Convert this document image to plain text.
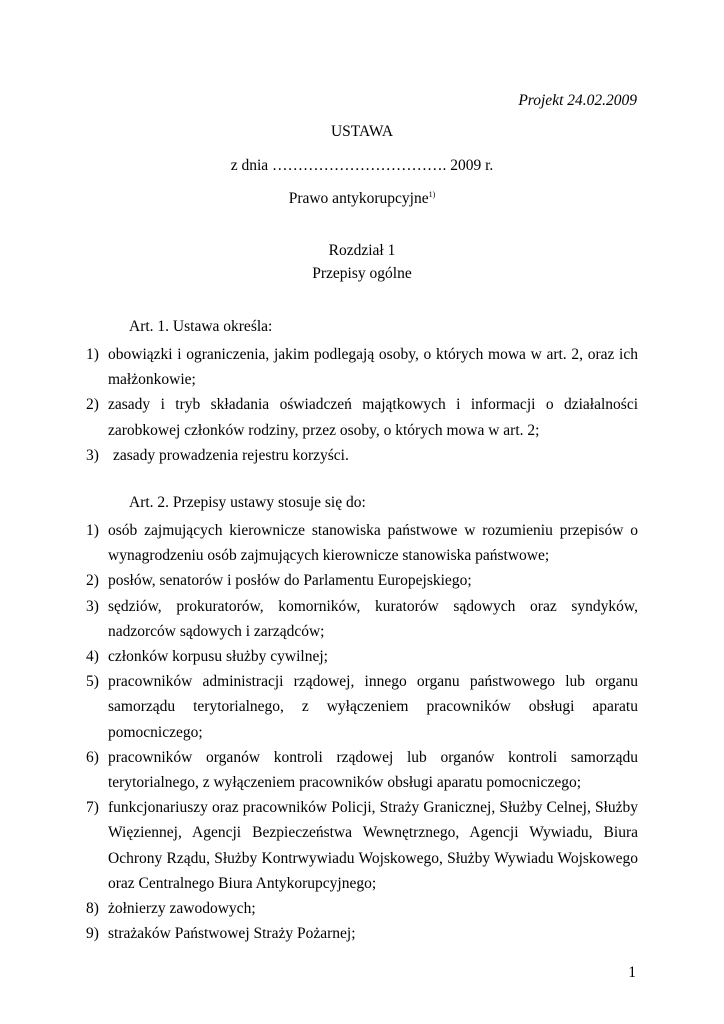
Projekt 24.02.2009
USTAWA
z dnia ……………………………. 2009 r.
Prawo antykorupcyjne$^{1)}$
Rozdział 1
Przepisy ogólne
Art. 1. Ustawa określa:
1) obowiązki i ograniczenia, jakim podlegają osoby, o których mowa w art. 2, oraz ich małżonkowie;
2) zasady i tryb składania oświadczeń majątkowych i informacji o działalności zarobkowej członków rodziny, przez osoby, o których mowa w art. 2;
3) zasady prowadzenia rejestru korzyści.
Art. 2. Przepisy ustawy stosuje się do:
1) osób zajmujących kierownicze stanowiska państwowe w rozumieniu przepisów o wynagrodzeniu osób zajmujących kierownicze stanowiska państwowe;
2) posłów, senatorów i posłów do Parlamentu Europejskiego;
3) sędziów, prokuratorów, komorników, kuratorów sądowych oraz syndyków, nadzorców sądowych i zarządców;
4) członków korpusu służby cywilnej;
5) pracowników administracji rządowej, innego organu państwowego lub organu samorządu terytorialnego, z wyłączeniem pracowników obsługi aparatu pomocniczego;
6) pracowników organów kontroli rządowej lub organów kontroli samorządu terytorialnego, z wyłączeniem pracowników obsługi aparatu pomocniczego;
7) funkcjonariuszy oraz pracowników Policji, Straży Granicznej, Służby Celnej, Służby Więziennej, Agencji Bezpieczeństwa Wewnętrznego, Agencji Wywiadu, Biura Ochrony Rządu, Służby Kontrwywiadu Wojskowego, Służby Wywiadu Wojskowego oraz Centralnego Biura Antykorupcyjnego;
8) żołnierzy zawodowych;
9) strażaków Państwowej Straży Pożarnej;
1
